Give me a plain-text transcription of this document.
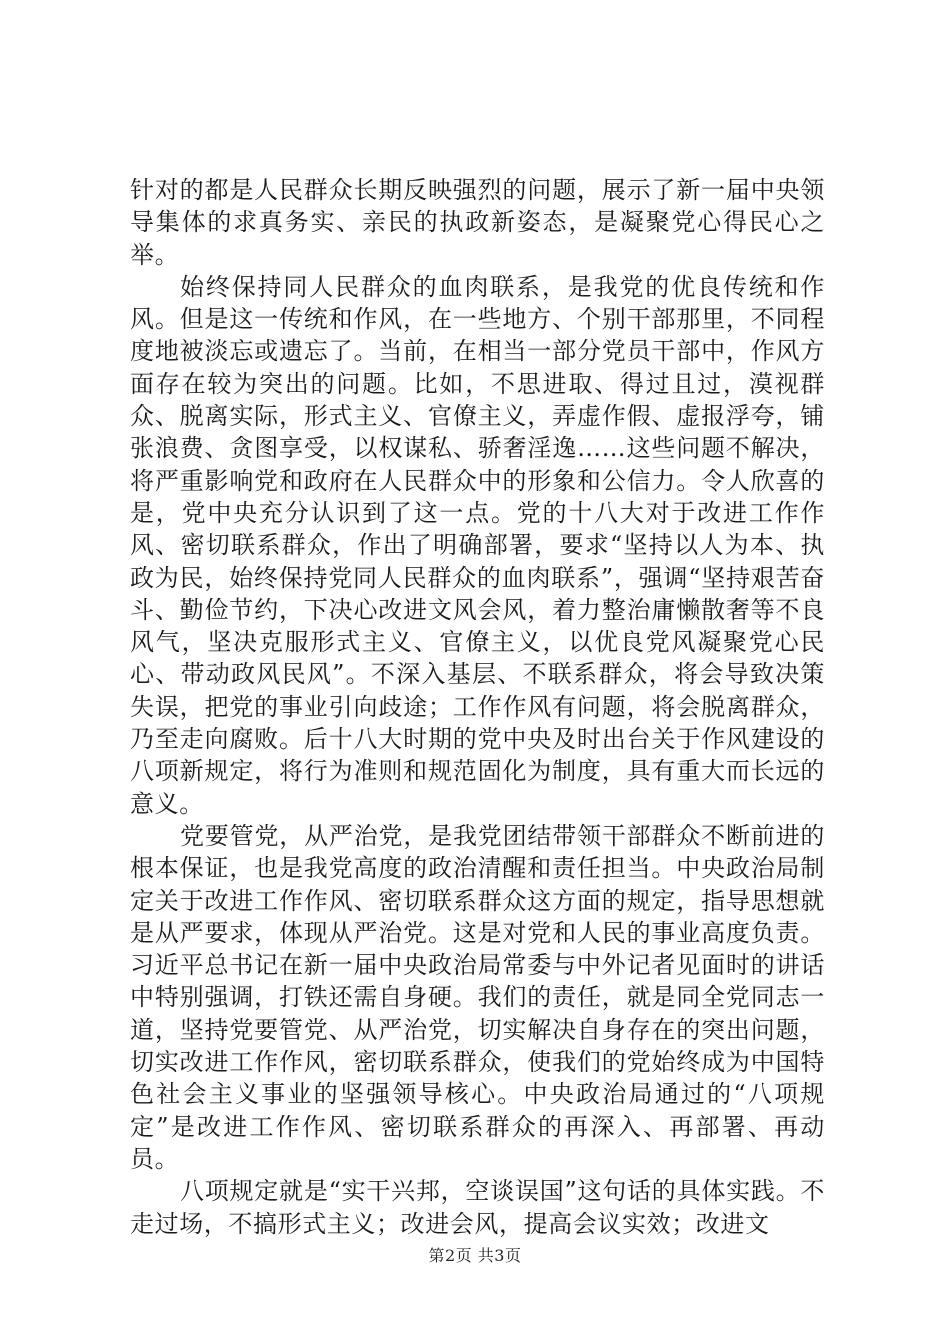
针对的都是人民群众长期反映强烈的问题，展示了新一届中央领导集体的求真务实、亲民的执政新姿态，是凝聚党心得民心之举。

始终保持同人民群众的血肉联系，是我党的优良传统和作风。但是这一传统和作风，在一些地方、个别干部那里，不同程度地被淡忘或遗忘了。当前，在相当一部分党员干部中，作风方面存在较为突出的问题。比如，不思进取、得过且过，漠视群众、脱离实际，形式主义、官僚主义，弄虚作假、虚报浮夸，铺张浪费、贪图享受，以权谋私、骄奢淫逸……这些问题不解决，将严重影响党和政府在人民群众中的形象和公信力。令人欣喜的是，党中央充分认识到了这一点。党的十八大对于改进工作作风、密切联系群众，作出了明确部署，要求“坚持以人为本、执政为民，始终保持党同人民群众的血肉联系”，强调“坚持艰苦奋斗、勤俭节约，下决心改进文风会风，着力整治庸懒散奢等不良风气，坚决克服形式主义、官僚主义，以优良党风凝聚党心民心、带动政风民风”。不深入基层、不联系群众，将会导致决策失误，把党的事业引向歧途；工作作风有问题，将会脱离群众，乃至走向腐败。后十八大时期的党中央及时出台关于作风建设的八项新规定，将行为准则和规范固化为制度，具有重大而长远的意义。

党要管党，从严治党，是我党团结带领干部群众不断前进的根本保证，也是我党高度的政治清醒和责任担当。中央政治局制定关于改进工作作风、密切联系群众这方面的规定，指导思想就是从严要求，体现从严治党。这是对党和人民的事业高度负责。习近平总书记在新一届中央政治局常委与中外记者见面时的讲话中特别强调，打铁还需自身硬。我们的责任，就是同全党同志一道，坚持党要管党、从严治党，切实解决自身存在的突出问题，切实改进工作作风，密切联系群众，使我们的党始终成为中国特色社会主义事业的坚强领导核心。中央政治局通过的“八项规定”是改进工作作风、密切联系群众的再深入、再部署、再动员。

八项规定就是“实干兴邦，空谈误国”这句话的具体实践。不走过场，不搞形式主义；改进会风，提高会议实效；改进文

第2页 共3页
